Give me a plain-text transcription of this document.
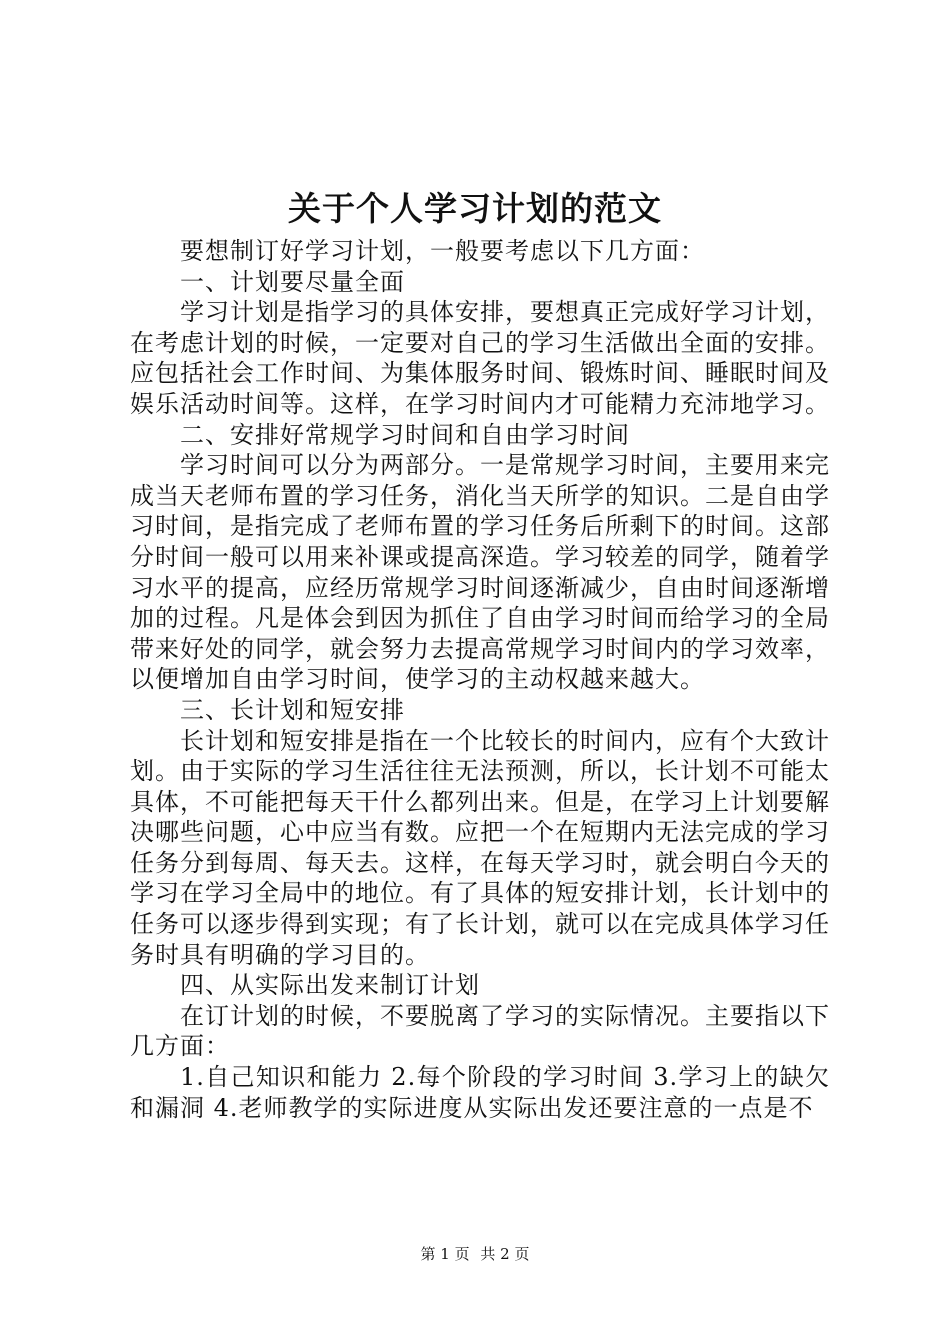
关于个人学习计划的范文

要想制订好学习计划，一般要考虑以下几方面：

一、计划要尽量全面

学习计划是指学习的具体安排，要想真正完成好学习计划，在考虑计划的时候，一定要对自己的学习生活做出全面的安排。应包括社会工作时间、为集体服务时间、锻炼时间、睡眠时间及娱乐活动时间等。这样，在学习时间内才可能精力充沛地学习。

二、安排好常规学习时间和自由学习时间

学习时间可以分为两部分。一是常规学习时间，主要用来完成当天老师布置的学习任务，消化当天所学的知识。二是自由学习时间，是指完成了老师布置的学习任务后所剩下的时间。这部分时间一般可以用来补课或提高深造。学习较差的同学，随着学习水平的提高，应经历常规学习时间逐渐减少，自由时间逐渐增加的过程。凡是体会到因为抓住了自由学习时间而给学习的全局带来好处的同学，就会努力去提高常规学习时间内的学习效率，以便增加自由学习时间，使学习的主动权越来越大。

三、长计划和短安排

长计划和短安排是指在一个比较长的时间内，应有个大致计划。由于实际的学习生活往往无法预测，所以，长计划不可能太具体，不可能把每天干什么都列出来。但是，在学习上计划要解决哪些问题，心中应当有数。应把一个在短期内无法完成的学习任务分到每周、每天去。这样，在每天学习时，就会明白今天的学习在学习全局中的地位。有了具体的短安排计划，长计划中的任务可以逐步得到实现；有了长计划，就可以在完成具体学习任务时具有明确的学习目的。

四、从实际出发来制订计划

在订计划的时候，不要脱离了学习的实际情况。主要指以下几方面：

1.自己知识和能力 2.每个阶段的学习时间 3.学习上的缺欠和漏洞 4.老师教学的实际进度从实际出发还要注意的一点是不

第 1 页 共 2 页
